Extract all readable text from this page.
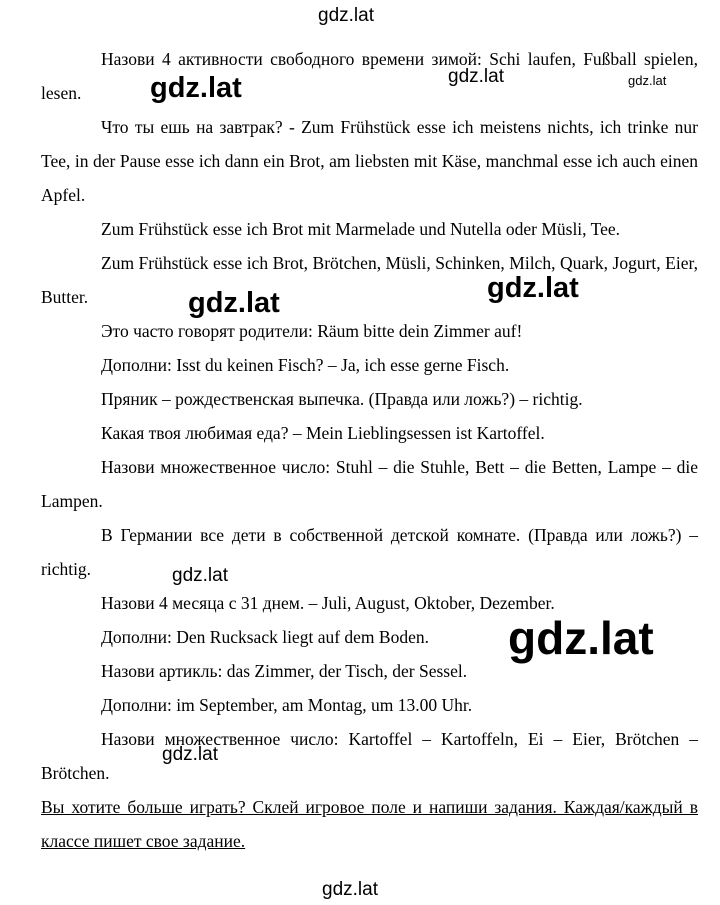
Назови 4 активности свободного времени зимой: Schi laufen, Fußball spielen, lesen.

Что ты ешь на завтрак? - Zum Frühstück esse ich meistens nichts, ich trinke nur Tee, in der Pause esse ich dann ein Brot, am liebsten mit Käse, manchmal esse ich auch einen Apfel.

Zum Frühstück esse ich Brot mit Marmelade und Nutella oder Müsli, Tee.

Zum Frühstück esse ich Brot, Brötchen, Müsli, Schinken, Milch, Quark, Jogurt, Eier, Butter.

Это часто говорят родители: Räum bitte dein Zimmer auf!

Дополни: Isst du keinen Fisch? – Ja, ich esse gerne Fisch.

Пряник – рождественская выпечка. (Правда или ложь?) – richtig.

Какая твоя любимая еда? – Mein Lieblingsessen ist Kartoffel.

Назови множественное число: Stuhl – die Stuhle, Bett – die Betten, Lampe – die Lampen.

В Германии все дети в собственной детской комнате. (Правда или ложь?) – richtig.

Назови 4 месяца с 31 днем. – Juli, August, Oktober, Dezember.

Дополни: Den Rucksack liegt auf dem Boden.

Назови артикль: das Zimmer, der Tisch, der Sessel.

Дополни: im September, am Montag, um 13.00 Uhr.

Назови множественное число: Kartoffel – Kartoffeln, Ei – Eier, Brötchen – Brötchen.

Вы хотите больше играть? Склей игровое поле и напиши задания. Каждая/каждый в классе пишет свое задание.

gdz.lat
gdz.lat	gdz.lat	gdz.lat
gdz.lat	gdz.lat
gdz.lat
gdz.lat
gdz.lat
gdz.lat
